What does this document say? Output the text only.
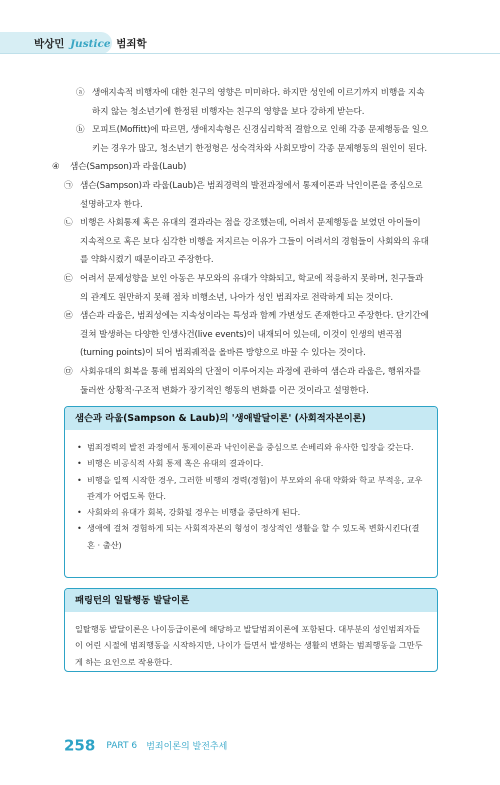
박상민 Justice 범죄학
ⓐ 생애지속적 비행자에 대한 친구의 영향은 미미하다. 하지만 성인에 이르기까지 비행을 지속하지 않는 청소년기에 한정된 비행자는 친구의 영향을 보다 강하게 받는다.
ⓑ 모피트(Moffitt)에 따르면, 생애지속형은 신경심리학적 결함으로 인해 각종 문제행동을 일으키는 경우가 많고, 청소년기 한정형은 성숙격차와 사회모방이 각종 문제행동의 원인이 된다.
④ 샘슨(Sampson)과 라웁(Laub)
㉠ 샘슨(Sampson)과 라웁(Laub)은 범죄경력의 발전과정에서 통제이론과 낙인이론을 중심으로 설명하고자 한다.
㉡ 비행은 사회통제 혹은 유대의 결과라는 점을 강조했는데, 어려서 문제행동을 보였던 아이들이 지속적으로 혹은 보다 심각한 비행을 저지르는 이유가 그들이 어려서의 경험들이 사회와의 유대를 약화시켰기 때문이라고 주장한다.
㉢ 어려서 문제성향을 보인 아동은 부모와의 유대가 약화되고, 학교에 적응하지 못하며, 친구들과의 관계도 원만하지 못해 점차 비행소년, 나아가 성인 범죄자로 전락하게 되는 것이다.
㉣ 샘슨과 라웁은, 범죄성에는 지속성이라는 특성과 함께 가변성도 존재한다고 주장한다. 단기간에 걸쳐 발생하는 다양한 인생사건(live events)이 내재되어 있는데, 이것이 인생의 변곡점(turning points)이 되어 범죄궤적을 올바른 방향으로 바꿀 수 있다는 것이다.
㉤ 사회유대의 회복을 통해 범죄와의 단절이 이루어지는 과정에 관하여 샘슨과 라웁은, 행위자를 둘러싼 상황적·구조적 변화가 장기적인 행동의 변화를 이끈 것이라고 설명한다.
샘슨과 라웁(Sampson & Laub)의 '생애발달이론' (사회적자본이론)
• 범죄경력의 발전 과정에서 통제이론과 낙인이론을 중심으로 손베리와 유사한 입장을 갖는다.
• 비행은 비공식적 사회 통제 혹은 유대의 결과이다.
• 비행을 일찍 시작한 경우, 그러한 비행의 경력(경험)이 부모와의 유대 약화와 학교 부적응, 교우관계가 어렵도록 한다.
• 사회와의 유대가 회복, 강화될 경우는 비행을 중단하게 된다.
• 생애에 걸쳐 경험하게 되는 사회적자본의 형성이 정상적인 생활을 할 수 있도록 변화시킨다(결혼 · 출산)
패링턴의 일탈행동 발달이론
일탈행동 발달이론은 나이등급이론에 해당하고 발달범죄이론에 포함된다. 대부분의 성인범죄자들이 어린 시절에 범죄행동을 시작하지만, 나이가 들면서 발생하는 생활의 변화는 범죄행동을 그만두게 하는 요인으로 작용한다.
258 PART 6 범죄이론의 발전추세
